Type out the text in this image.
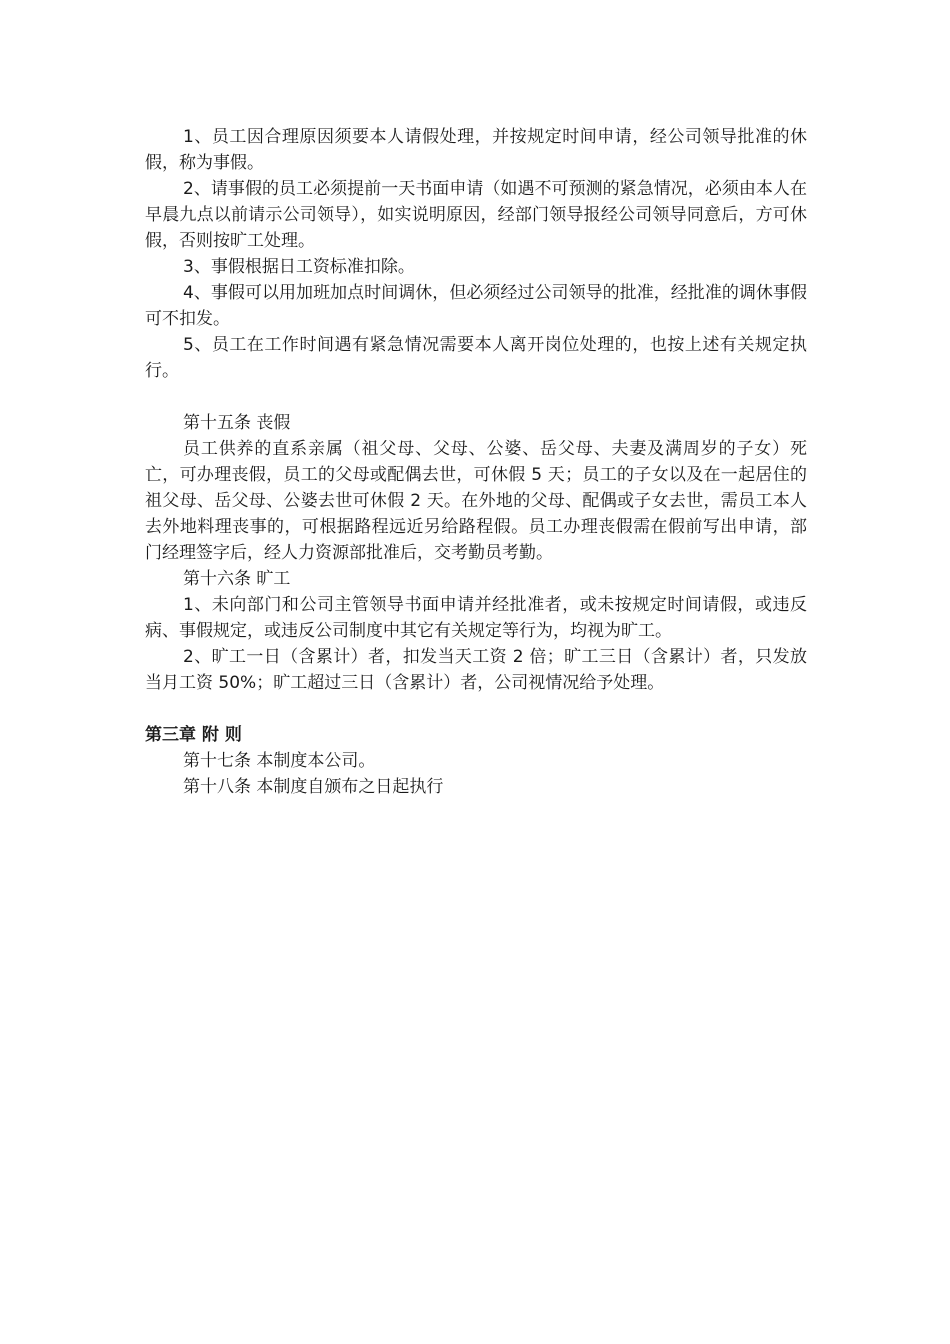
1、员工因合理原因须要本人请假处理，并按规定时间申请，经公司领导批准的休假，称为事假。

2、请事假的员工必须提前一天书面申请（如遇不可预测的紧急情况，必须由本人在早晨九点以前请示公司领导），如实说明原因，经部门领导报经公司领导同意后，方可休假，否则按旷工处理。

3、事假根据日工资标准扣除。

4、事假可以用加班加点时间调休，但必须经过公司领导的批准，经批准的调休事假可不扣发。

5、员工在工作时间遇有紧急情况需要本人离开岗位处理的，也按上述有关规定执行。

第十五条 丧假

员工供养的直系亲属（祖父母、父母、公婆、岳父母、夫妻及满周岁的子女）死亡，可办理丧假，员工的父母或配偶去世，可休假 5 天；员工的子女以及在一起居住的祖父母、岳父母、公婆去世可休假 2 天。在外地的父母、配偶或子女去世，需员工本人去外地料理丧事的，可根据路程远近另给路程假。员工办理丧假需在假前写出申请，部门经理签字后，经人力资源部批准后，交考勤员考勤。

第十六条 旷工

1、未向部门和公司主管领导书面申请并经批准者，或未按规定时间请假，或违反病、事假规定，或违反公司制度中其它有关规定等行为，均视为旷工。

2、旷工一日（含累计）者，扣发当天工资 2 倍；旷工三日（含累计）者，只发放当月工资 50%；旷工超过三日（含累计）者，公司视情况给予处理。

第三章 附 则

第十七条 本制度本公司。

第十八条 本制度自颁布之日起执行
